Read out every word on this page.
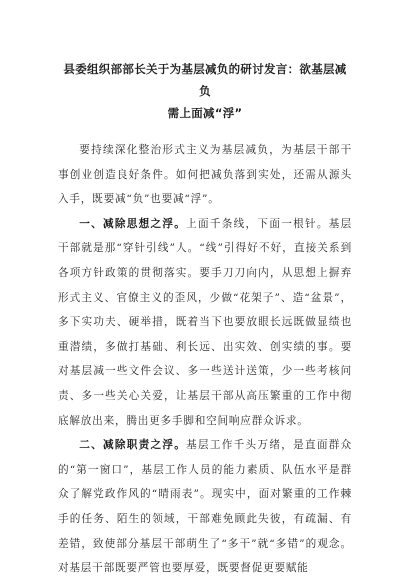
县委组织部部长关于为基层减负的研讨发言：欲基层减负
需上面减“浮”

要持续深化整治形式主义为基层减负，为基层干部干事创业创造良好条件。如何把减负落到实处，还需从源头入手，既要减“负”也要减“浮”。

一、减除思想之浮。上面千条线，下面一根针。基层干部就是那“穿针引线”人。“线”引得好不好，直接关系到各项方针政策的贯彻落实。要手刀刀向内，从思想上摒弃形式主义、官僚主义的歪风，少做“花架子”、造“盆景”，多下实功夫、硬举措，既着当下也要放眼长远既做显绩也重潜绩，多做打基础、利长远、出实效、创实绩的事。要对基层减一些文件会议、多一些送计送策，少一些考核问责、多一些关心关爱，让基层干部从高压繁重的工作中彻底解放出来，腾出更多手脚和空间响应群众诉求。

二、减除职责之浮。基层工作千头万绪，是直面群众的“第一窗口”，基层工作人员的能力素质、队伍水平是群众了解党政作风的“晴雨表”。现实中，面对繁重的工作棘手的任务、陌生的领域，干部难免顾此失彼，有疏漏、有差错，致使部分基层干部萌生了“多干”就“多错”的观念。对基层干部既要严管也要厚爱，既要督促更要赋能
